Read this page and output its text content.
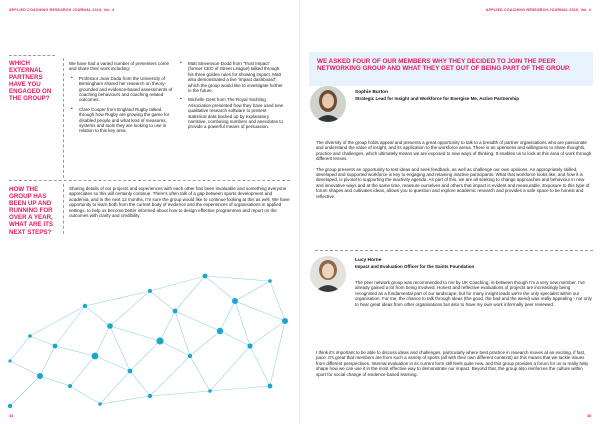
APPLIED COACHING RESEARCH JOURNAL 2019, Vol. 4
WHICH EXTERNAL PARTNERS HAVE YOU ENGAGED ON THE GROUP?

We have had a varied number of presenters come and share their work including:

• Professor Joan Duda from the University of Birmingham shared her research on theory-grounded and evidence-based assessments of coaching behaviours and coaching related outcomes.
• Clare Cooper from England Rugby talked through how Rugby are growing the game for disabled people and what kind of measures, systems and tools they are looking to use in relation to this key area.
• Matt Stevenson-Dodd from 'Trust Impact' (former CEO of Street League) talked through his three golden rules for showing impact. Matt also demonstrated a live 'impact dashboard', which the group would like to investigate further in the future.
• Michelle Gent from The Royal Yachting Association presented how they have used new qualitative research software to present statistical data backed up by explanatory narrative, combining numbers and anecdotes to provide a powerful means of persuasion.
HOW THE GROUP HAS BEEN UP AND RUNNING FOR OVER A YEAR, WHAT ARE ITS NEXT STEPS?

Sharing details of our projects and experiences with each other has been invaluable and something everyone appreciates so this will certainly continue. There's often talk of a gap between sports development and academia, and in the next 12 months, I'm sure the group would like to continue looking at this as well. We have opportunity to learn both from the current body of evidence and the experiences of organisations in applied settings, to help us become better informed about how to design effective programmes and report on the outcomes with clarity and credibility.

44
APPLIED COACHING RESEARCH JOURNAL 2019, Vol. 4
WE ASKED FOUR OF OUR MEMBERS WHY THEY DECIDED TO JOIN THE PEER NETWORKING GROUP AND WHAT THEY GET OUT OF BEING PART OF THE GROUP.
Sophie Burton
Strategic Lead for Insight and Workforce for Energise Me, Active Partnership

The diversity of the group holds appeal and presents a great opportunity to talk to a breadth of partner organisations who are passionate and understand the value of insight, and its application to the workforce arena. There is an openness and willingness to share thoughts, practice and challenges, which ultimately means we are exposed to new ways of thinking. It enables us to look at this area of work through different lenses.

The group presents an opportunity to test ideas and seek feedback, as well as challenge our own opinions. An appropriately skilled, developed and supported workforce is key to engaging and retaining inactive participants. What that workforce looks like, and how it is developed, is pivotal to supporting the inactivity agenda. As part of this, we are all seeking to change approaches and behaviour in new and innovative ways and at the same time, reassure ourselves and others that impact is evident and measurable. Exposure to this type of forum shapes and cultivates ideas, allows you to question and explore academic research and provides a safe space to be honest and reflective.

Lucy Horne
Impact and Evaluation Officer for the Saints Foundation

The peer network group was recommended to me by UK Coaching, in-between though I'm a very new member, I've already gained a lot from being involved. Honest and reflective evaluations of projects are increasingly being recognised as a fundamental part of our landscape, but for many insight leads we're the only specialist within our organisation. For me, the chance to talk through ideas (the good, the bad and the weird) was really appealing - not only to hear great ideas from other organisations but also to have my own work informally peer reviewed.

I think it's important to be able to discuss ideas and challenges, particularly where best practice in research moves at an exciting, if fast, pace. It's great that members are from such a variety of sports (all with their own different contexts) as this means that we tackle issues from different perspectives. Internal evaluation in its current form still feels quite new, and this group provides a forum for us to really help shape how we can use it in the most effective way to demonstrate our impact. Beyond that, the group also reinforces the culture within sport for social change of evidence-based learning.

45
